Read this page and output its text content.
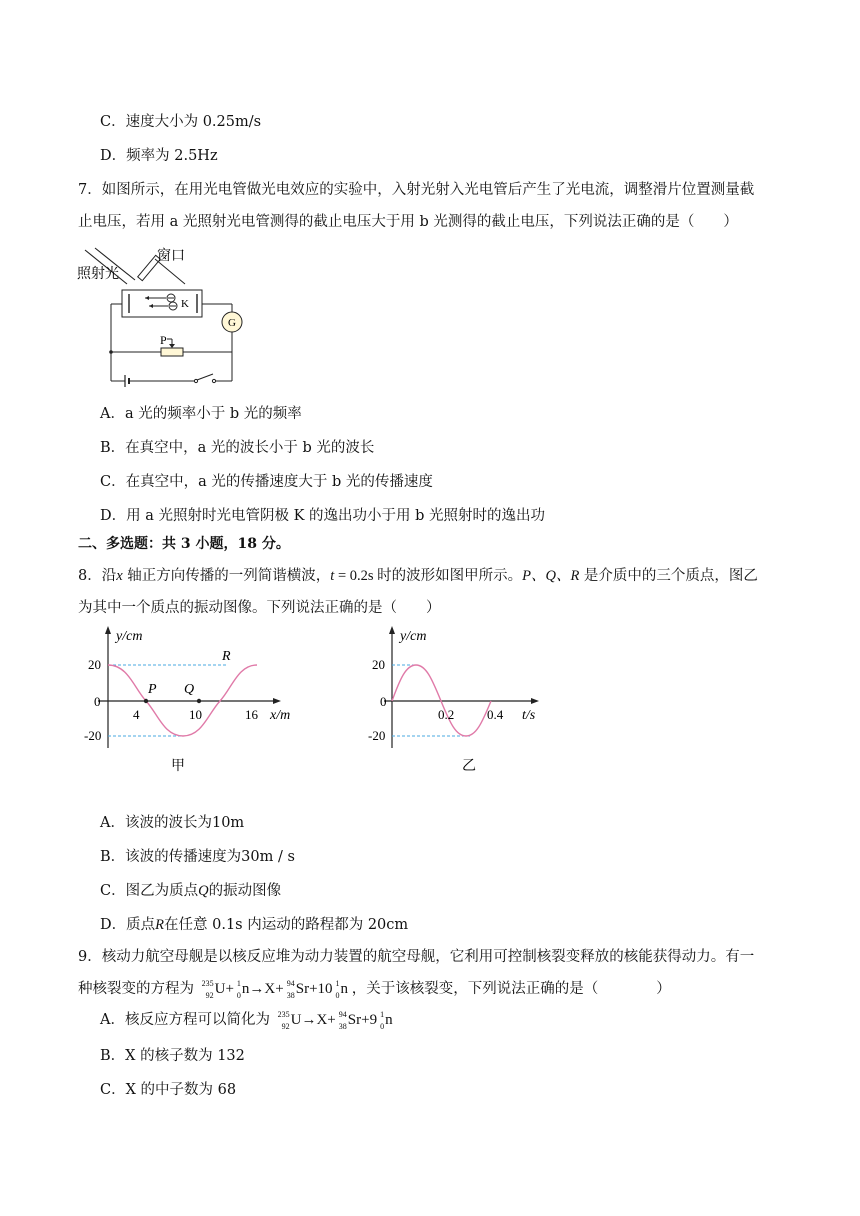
C．速度大小为 0.25m/s
D．频率为 2.5Hz
7．如图所示，在用光电管做光电效应的实验中，入射光射入光电管后产生了光电流，调整滑片位置测量截
止电压，若用 a 光照射光电管测得的截止电压大于用 b 光测得的截止电压，下列说法正确的是（　　）
照射光
窗口
K
G
P
A．a 光的频率小于 b 光的频率
B．在真空中，a 光的波长小于 b 光的波长
C．在真空中，a 光的传播速度大于 b 光的传播速度
D．用 a 光照射时光电管阴极 K 的逸出功小于用 b 光照射时的逸出功
二、多选题：共 3 小题，18 分。
8．沿x 轴正方向传播的一列简谐横波，t = 0.2s 时的波形如图甲所示。P、Q、R 是介质中的三个质点，图乙
为其中一个质点的振动图像。下列说法正确的是（　　）
y/cm
x/m
20
0
-20
4	10	16
P Q
R
甲
y/cm
t/s
20
0
-20
0.2	0.4
乙
A．该波的波长为10m
B．该波的传播速度为30m / s
C．图乙为质点Q的振动图像
D．质点R在任意 0.1s 内运动的路程都为 20cm
9．核动力航空母舰是以核反应堆为动力装置的航空母舰，它利用可控制核裂变释放的核能获得动力。有一
种核裂变的方程为 235
92 U+ 1
0 n→X+ 94
38 Sr+10 1
0 n ，关于该核裂变，下列说法正确的是（　　　　）
A．核反应方程可以简化为 235
92 U→X+ 94
38 Sr+9 1
0 n
B．X 的核子数为 132
C．X 的中子数为 68
